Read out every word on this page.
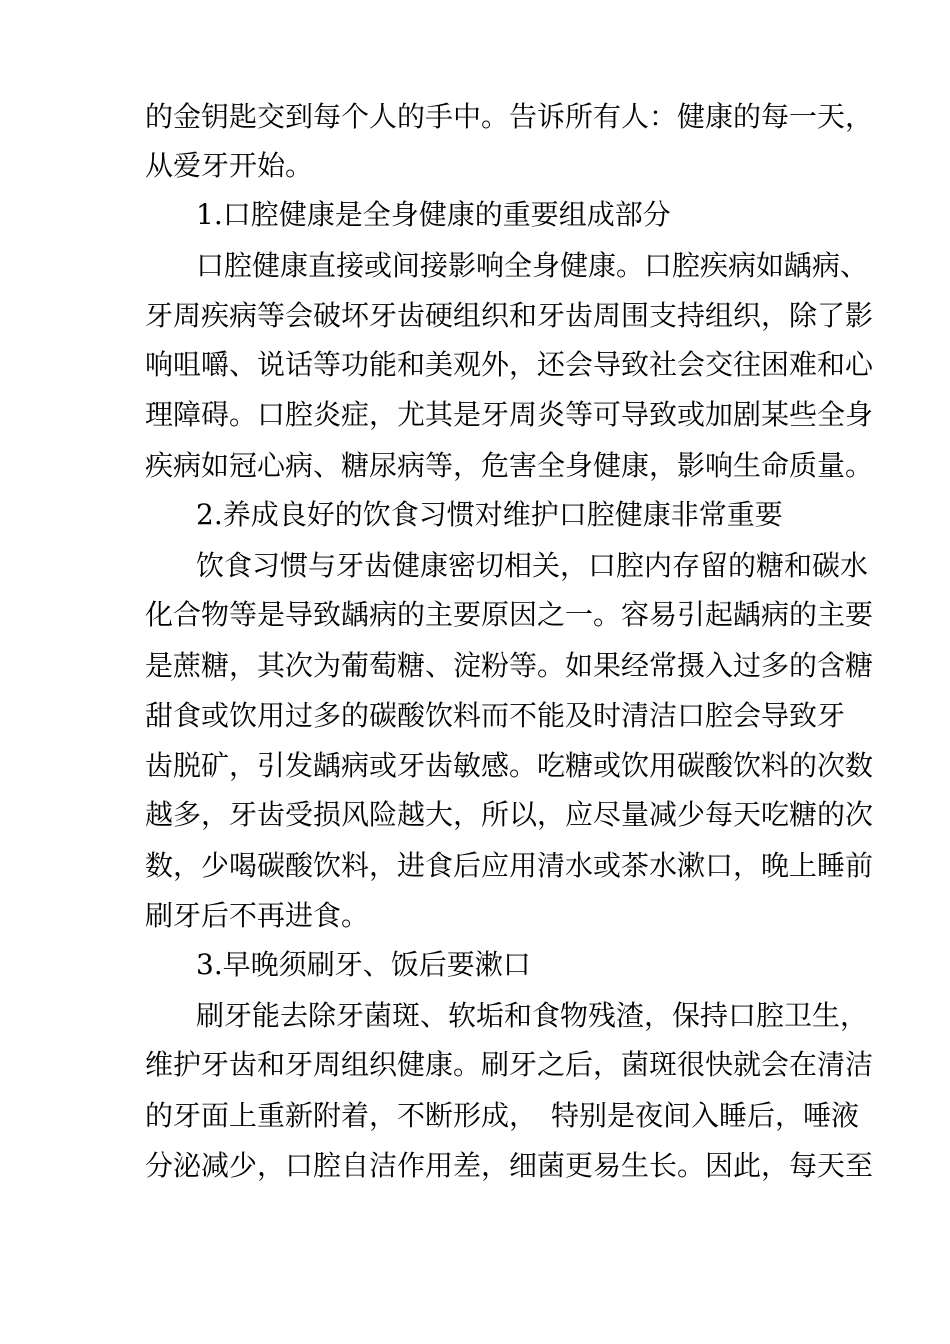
的金钥匙交到每个人的手中。告诉所有人：健康的每一天，
从爱牙开始。
1.口腔健康是全身健康的重要组成部分
口腔健康直接或间接影响全身健康。口腔疾病如龋病、
牙周疾病等会破坏牙齿硬组织和牙齿周围支持组织，除了影
响咀嚼、说话等功能和美观外，还会导致社会交往困难和心
理障碍。口腔炎症，尤其是牙周炎等可导致或加剧某些全身
疾病如冠心病、糖尿病等，危害全身健康，影响生命质量。
2.养成良好的饮食习惯对维护口腔健康非常重要
饮食习惯与牙齿健康密切相关，口腔内存留的糖和碳水
化合物等是导致龋病的主要原因之一。容易引起龋病的主要
是蔗糖，其次为葡萄糖、淀粉等。如果经常摄入过多的含糖
甜食或饮用过多的碳酸饮料而不能及时清洁口腔会导致牙
齿脱矿，引发龋病或牙齿敏感。吃糖或饮用碳酸饮料的次数
越多，牙齿受损风险越大，所以，应尽量减少每天吃糖的次
数，少喝碳酸饮料，进食后应用清水或茶水漱口，晚上睡前
刷牙后不再进食。
3.早晚须刷牙、饭后要漱口
刷牙能去除牙菌斑、软垢和食物残渣，保持口腔卫生，
维护牙齿和牙周组织健康。刷牙之后，菌斑很快就会在清洁
的牙面上重新附着，不断形成，　特别是夜间入睡后，唾液
分泌减少，口腔自洁作用差，细菌更易生长。因此，每天至
